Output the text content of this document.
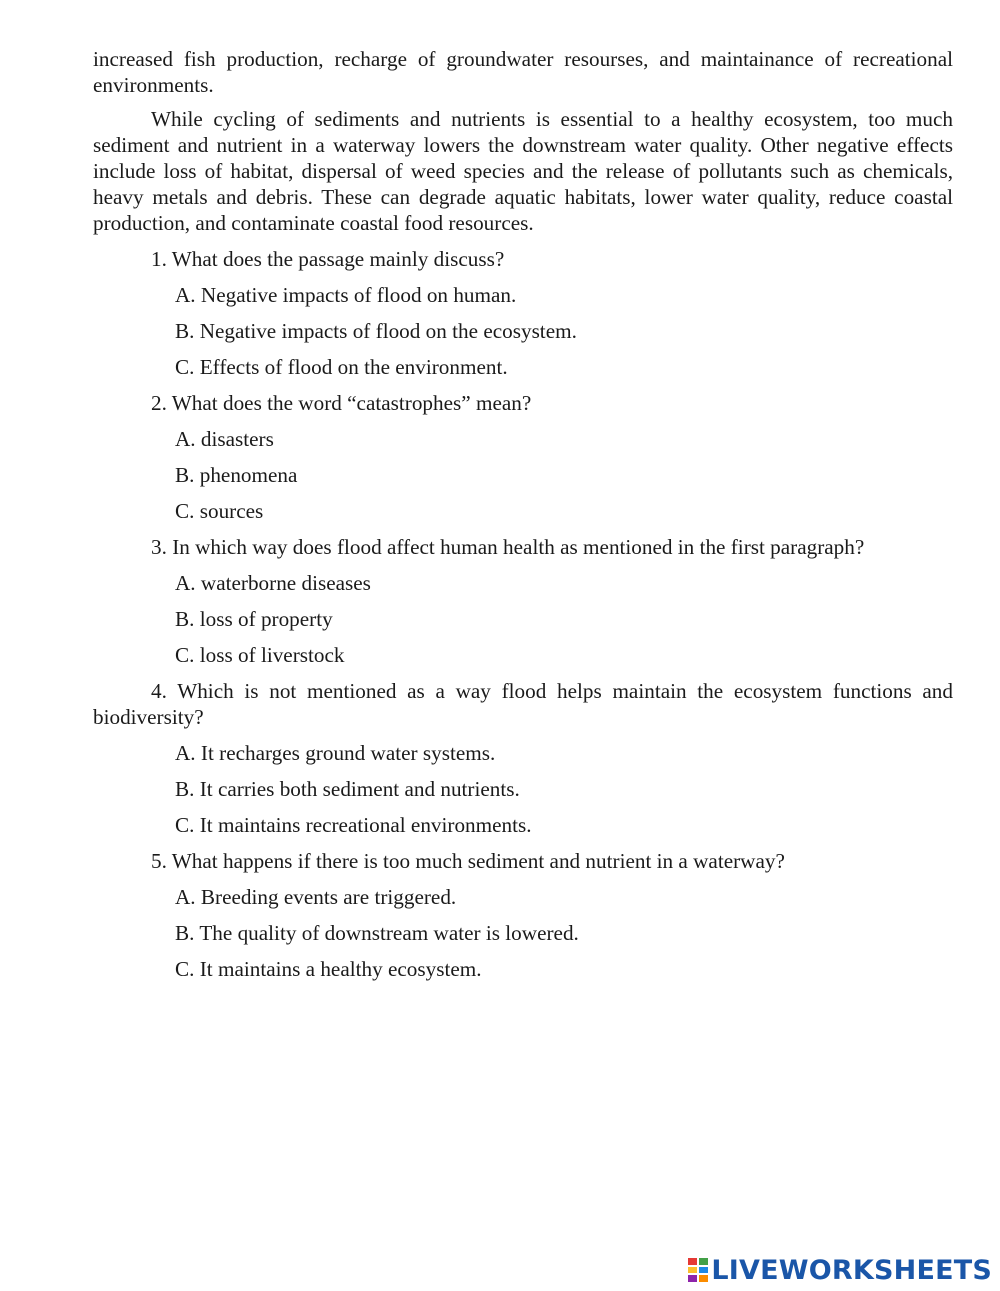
increased fish production, recharge of groundwater resourses, and maintainance of recreational environments.

While cycling of sediments and nutrients is essential to a healthy ecosystem, too much sediment and nutrient in a waterway lowers the downstream water quality. Other negative effects include loss of habitat, dispersal of weed species and the release of pollutants such as chemicals, heavy metals and debris. These can degrade aquatic habitats, lower water quality, reduce coastal production, and contaminate coastal food resources.

1. What does the passage mainly discuss?

A. Negative impacts of flood on human.

B. Negative impacts of flood on the ecosystem.

C. Effects of flood on the environment.

2. What does the word “catastrophes” mean?

A. disasters

B. phenomena

C. sources

3. In which way does flood affect human health as mentioned in the first paragraph?

A. waterborne diseases

B. loss of property

C. loss of liverstock

4. Which is not mentioned as a way flood helps maintain the ecosystem functions and biodiversity?

A. It recharges ground water systems.

B. It carries both sediment and nutrients.

C. It maintains recreational environments.

5. What happens if there is too much sediment and nutrient in a waterway?

A. Breeding events are triggered.

B. The quality of downstream water is lowered.

C. It maintains a healthy ecosystem.

LIVEWORKSHEETS
